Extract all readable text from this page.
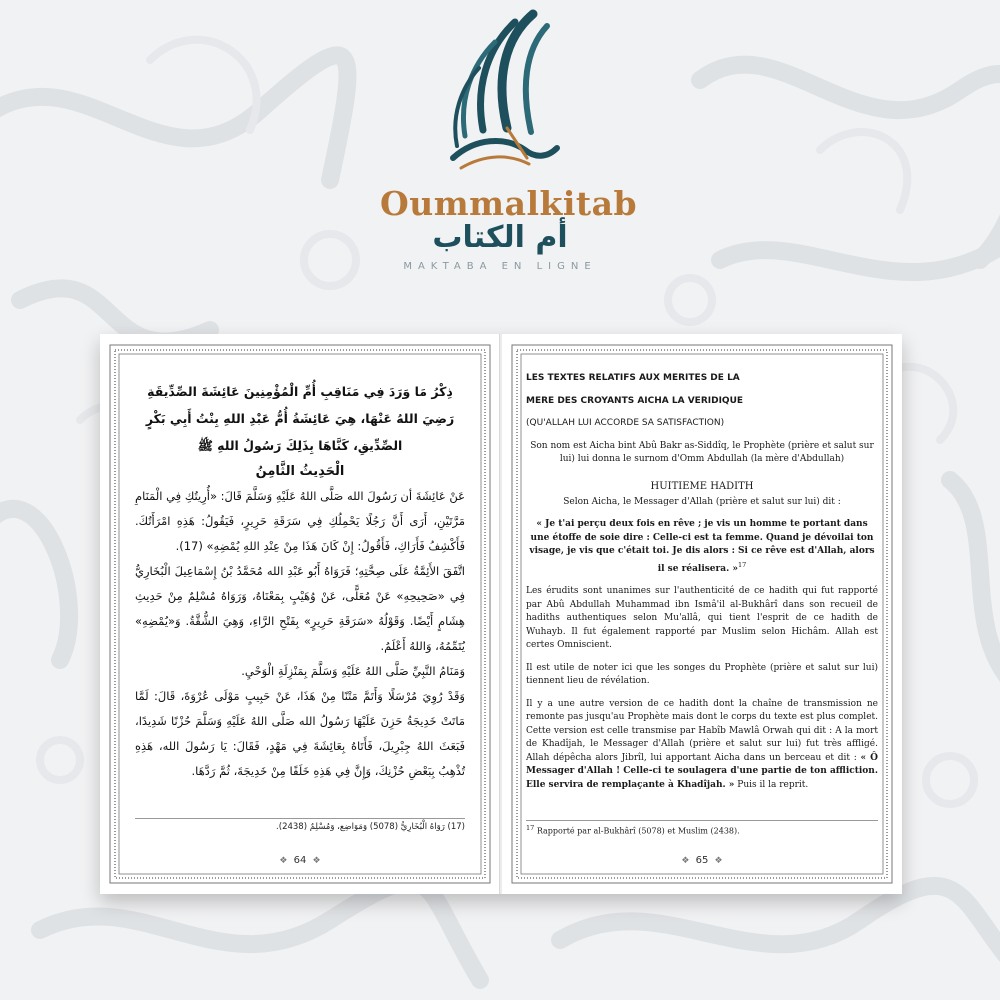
Oummalkitab
أم الكتاب
MAKTABA EN LIGNE

ذِكْرُ مَا وَرَدَ فِي مَنَاقِبِ أُمِّ الْمُؤْمِنِينَ عَائِشَةَ الصِّدِّيقَةِ

رَضِيَ اللهُ عَنْهَا، هِيَ عَائِشَةُ أُمُّ عَبْدِ اللهِ بِنْتُ أَبِي بَكْرٍ

الصِّدِّيقِ، كَنَّاهَا بِذَلِكَ رَسُولُ اللهِ ﷺ

الْحَدِيثُ الثَّامِنُ

عَنْ عَائِشَةَ أن رَسُولَ الله صَلَّى اللهُ عَلَيْهِ وَسَلَّمَ قَالَ: «أُرِيتُكِ فِي الْمَنَامِ مَرَّتَيْنِ، أَرَى أَنَّ رَجُلًا يَحْمِلُكِ فِي سَرَقَةِ حَرِيرٍ، فَيَقُولُ: هَذِهِ امْرَأَتُكَ. فَأَكْشِفُ فَأَرَاكِ، فَأَقُولُ: إِنْ كَانَ هَذَا مِنْ عِنْدِ اللهِ يُمْضِهِ» (17).

اتَّفَقَ الأَئِمَّةُ عَلَى صِحَّتِهِ؛ فَرَوَاهُ أَبُو عَبْدِ الله مُحَمَّدُ بْنُ إِسْمَاعِيلَ الْبُخَارِيُّ فِي «صَحِيحِهِ» عَنْ مُعَلًّى، عَنْ وُهَيْبٍ بِمَعْنَاهُ، وَرَوَاهُ مُسْلِمٌ مِنْ حَدِيثِ هِشَامٍ أَيْضًا. وَقَوْلُهُ «سَرَقَةِ حَرِيرٍ» بِفَتْحِ الرَّاءِ، وَهِيَ الشُّقَّةُ. وَ«يُمْضِهِ» يُتَمِّمُهُ، وَاللهُ أَعْلَمُ.

وَمَنَامُ النَّبِيِّ صَلَّى اللهُ عَلَيْهِ وَسَلَّمَ بِمَنْزِلَةِ الْوَحْيِ.

وَقَدْ رُوِيَ مُرْسَلًا وَأَتَمَّ مَتْنًا مِنْ هَذَا، عَنْ حَبِيبٍ مَوْلَى عُرْوَةَ، قَالَ: لَمَّا مَاتَتْ خَدِيجَةُ حَزِنَ عَلَيْهَا رَسُولُ الله صَلَّى اللهُ عَلَيْهِ وَسَلَّمَ حُزْنًا شَدِيدًا، فَبَعَثَ اللهُ جِبْرِيلَ، فَأَتَاهُ بِعَائِشَةَ فِي مَهْدٍ، فَقَالَ: يَا رَسُولَ الله، هَذِهِ تُذْهِبُ بِبَعْضِ حُزْنِكَ، وَإِنَّ فِي هَذِهِ خَلَفًا مِنْ خَدِيجَةَ، ثُمَّ رَدَّهَا.

(17) رَوَاهُ الْبُخَارِيُّ (5078) وَمَوَاضِع، وَمُسْلِمٌ (2438).
❖ 64 ❖

LES TEXTES RELATIFS AUX MERITES DE LA

MERE DES CROYANTS AICHA LA VERIDIQUE

(QU'ALLAH LUI ACCORDE SA SATISFACTION)

Son nom est Aicha bint Abû Bakr as-Siddîq, le Prophète (prière et salut sur lui) lui donna le surnom d'Omm Abdullah (la mère d'Abdullah)

HUITIEME HADITH

Selon Aicha, le Messager d'Allah (prière et salut sur lui) dit :

« Je t'ai perçu deux fois en rêve ; je vis un homme te portant dans une étoffe de soie dire : Celle-ci est ta femme. Quand je dévoilai ton visage, je vis que c'était toi. Je dis alors : Si ce rêve est d'Allah, alors il se réalisera. »$^{17}$

Les érudits sont unanimes sur l'authenticité de ce hadith qui fut rapporté par Abû Abdullah Muhammad ibn Ismâ'il al-Bukhârî dans son recueil de hadiths authentiques selon Mu'allâ, qui tient l'esprit de ce hadith de Wuhayb. Il fut également rapporté par Muslim selon Hichâm. Allah est certes Omniscient.

Il est utile de noter ici que les songes du Prophète (prière et salut sur lui) tiennent lieu de révélation.

Il y a une autre version de ce hadith dont la chaîne de transmission ne remonte pas jusqu'au Prophète mais dont le corps du texte est plus complet. Cette version est celle transmise par Habîb Mawlâ Orwah qui dit : A la mort de Khadîjah, le Messager d'Allah (prière et salut sur lui) fut très affligé. Allah dépêcha alors Jibrîl, lui apportant Aicha dans un berceau et dit : « Ô Messager d'Allah ! Celle-ci te soulagera d'une partie de ton affliction. Elle servira de remplaçante à Khadîjah. » Puis il la reprit.

$^{17}$ Rapporté par al-Bukhârî (5078) et Muslim (2438).
❖ 65 ❖
